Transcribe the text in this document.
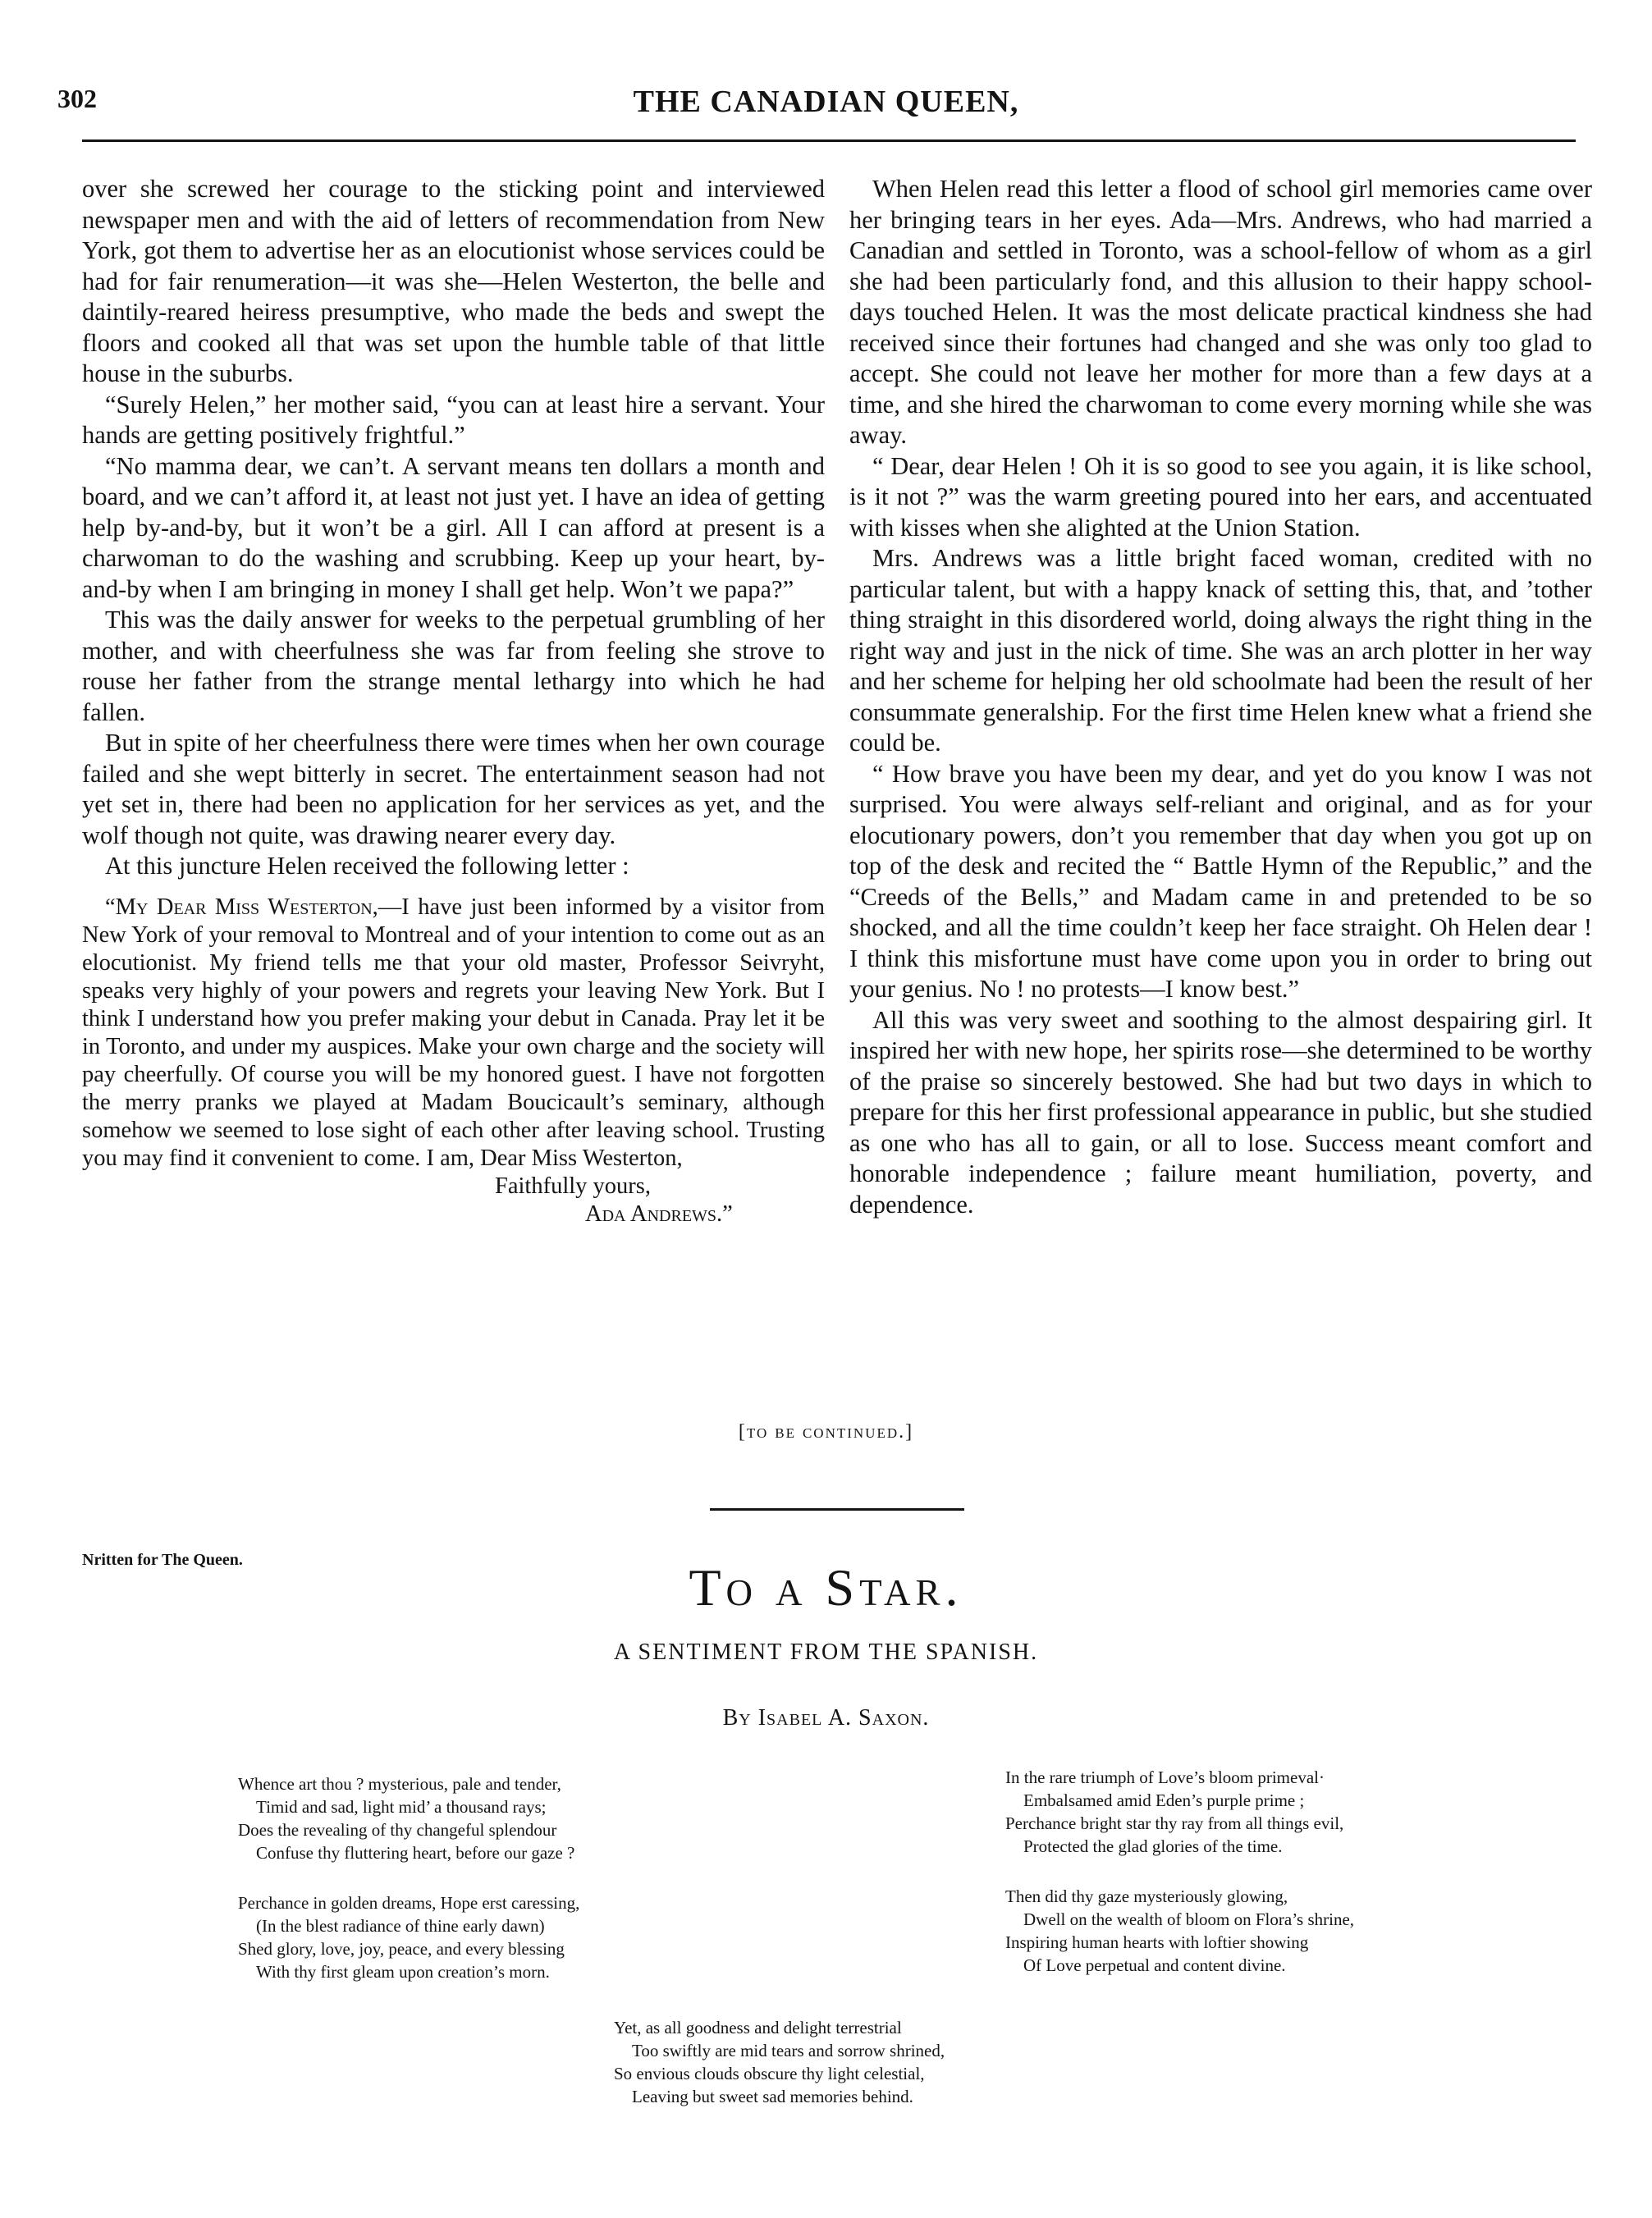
302	THE CANADIAN QUEEN,

over she screwed her courage to the sticking point and interviewed newspaper men and with the aid of letters of recommendation from New York, got them to advertise her as an elocutionist whose services could be had for fair renumeration—it was she—Helen Westerton, the belle and daintily-reared heiress presumptive, who made the beds and swept the floors and cooked all that was set upon the humble table of that little house in the suburbs.

“Surely Helen,” her mother said, “you can at least hire a servant. Your hands are getting positively frightful.”

“No mamma dear, we can’t. A servant means ten dollars a month and board, and we can’t afford it, at least not just yet. I have an idea of getting help by-and-by, but it won’t be a girl. All I can afford at present is a charwoman to do the washing and scrubbing. Keep up your heart, by-and-by when I am bringing in money I shall get help. Won’t we papa?”

This was the daily answer for weeks to the perpetual grumbling of her mother, and with cheerfulness she was far from feeling she strove to rouse her father from the strange mental lethargy into which he had fallen.

But in spite of her cheerfulness there were times when her own courage failed and she wept bitterly in secret. The entertainment season had not yet set in, there had been no application for her services as yet, and the wolf though not quite, was drawing nearer every day.

At this juncture Helen received the following letter :

“My Dear Miss Westerton,—I have just been informed by a visitor from New York of your removal to Montreal and of your intention to come out as an elocutionist. My friend tells me that your old master, Professor Seivryht, speaks very highly of your powers and regrets your leaving New York. But I think I understand how you prefer making your debut in Canada. Pray let it be in Toronto, and under my auspices. Make your own charge and the society will pay cheerfully. Of course you will be my honored guest. I have not forgotten the merry pranks we played at Madam Boucicault’s seminary, although somehow we seemed to lose sight of each other after leaving school. Trusting you may find it convenient to come. I am, Dear Miss Westerton,

Faithfully yours,
Ada Andrews.”

When Helen read this letter a flood of school girl memories came over her bringing tears in her eyes. Ada—Mrs. Andrews, who had married a Canadian and settled in Toronto, was a school-fellow of whom as a girl she had been particularly fond, and this allusion to their happy school-days touched Helen. It was the most delicate practical kindness she had received since their fortunes had changed and she was only too glad to accept. She could not leave her mother for more than a few days at a time, and she hired the charwoman to come every morning while she was away.

“ Dear, dear Helen ! Oh it is so good to see you again, it is like school, is it not ?” was the warm greeting poured into her ears, and accentuated with kisses when she alighted at the Union Station.

Mrs. Andrews was a little bright faced woman, credited with no particular talent, but with a happy knack of setting this, that, and ’tother thing straight in this disordered world, doing always the right thing in the right way and just in the nick of time. She was an arch plotter in her way and her scheme for helping her old schoolmate had been the result of her consummate generalship. For the first time Helen knew what a friend she could be.

“ How brave you have been my dear, and yet do you know I was not surprised. You were always self-reliant and original, and as for your elocutionary powers, don’t you remember that day when you got up on top of the desk and recited the “ Battle Hymn of the Republic,” and the “Creeds of the Bells,” and Madam came in and pretended to be so shocked, and all the time couldn’t keep her face straight. Oh Helen dear ! I think this misfortune must have come upon you in order to bring out your genius. No ! no protests—I know best.”

All this was very sweet and soothing to the almost despairing girl. It inspired her with new hope, her spirits rose—she determined to be worthy of the praise so sincerely bestowed. She had but two days in which to prepare for this her first professional appearance in public, but she studied as one who has all to gain, or all to lose. Success meant comfort and honorable independence ; failure meant humiliation, poverty, and dependence.

[to be continued.]
Nritten for The Queen.	To a Star.
A SENTIMENT FROM THE SPANISH.
By Isabel A. Saxon.
Whence art thou ? mysterious, pale and tender,
Timid and sad, light mid’ a thousand rays;
Does the revealing of thy changeful splendour
Confuse thy fluttering heart, before our gaze ?
Perchance in golden dreams, Hope erst caressing,
(In the blest radiance of thine early dawn)
Shed glory, love, joy, peace, and every blessing
With thy first gleam upon creation’s morn.
In the rare triumph of Love’s bloom primeval·
Embalsamed amid Eden’s purple prime ;
Perchance bright star thy ray from all things evil,
Protected the glad glories of the time.
Then did thy gaze mysteriously glowing,
Dwell on the wealth of bloom on Flora’s shrine,
Inspiring human hearts with loftier showing
Of Love perpetual and content divine.
Yet, as all goodness and delight terrestrial
Too swiftly are mid tears and sorrow shrined,
So envious clouds obscure thy light celestial,
Leaving but sweet sad memories behind.
